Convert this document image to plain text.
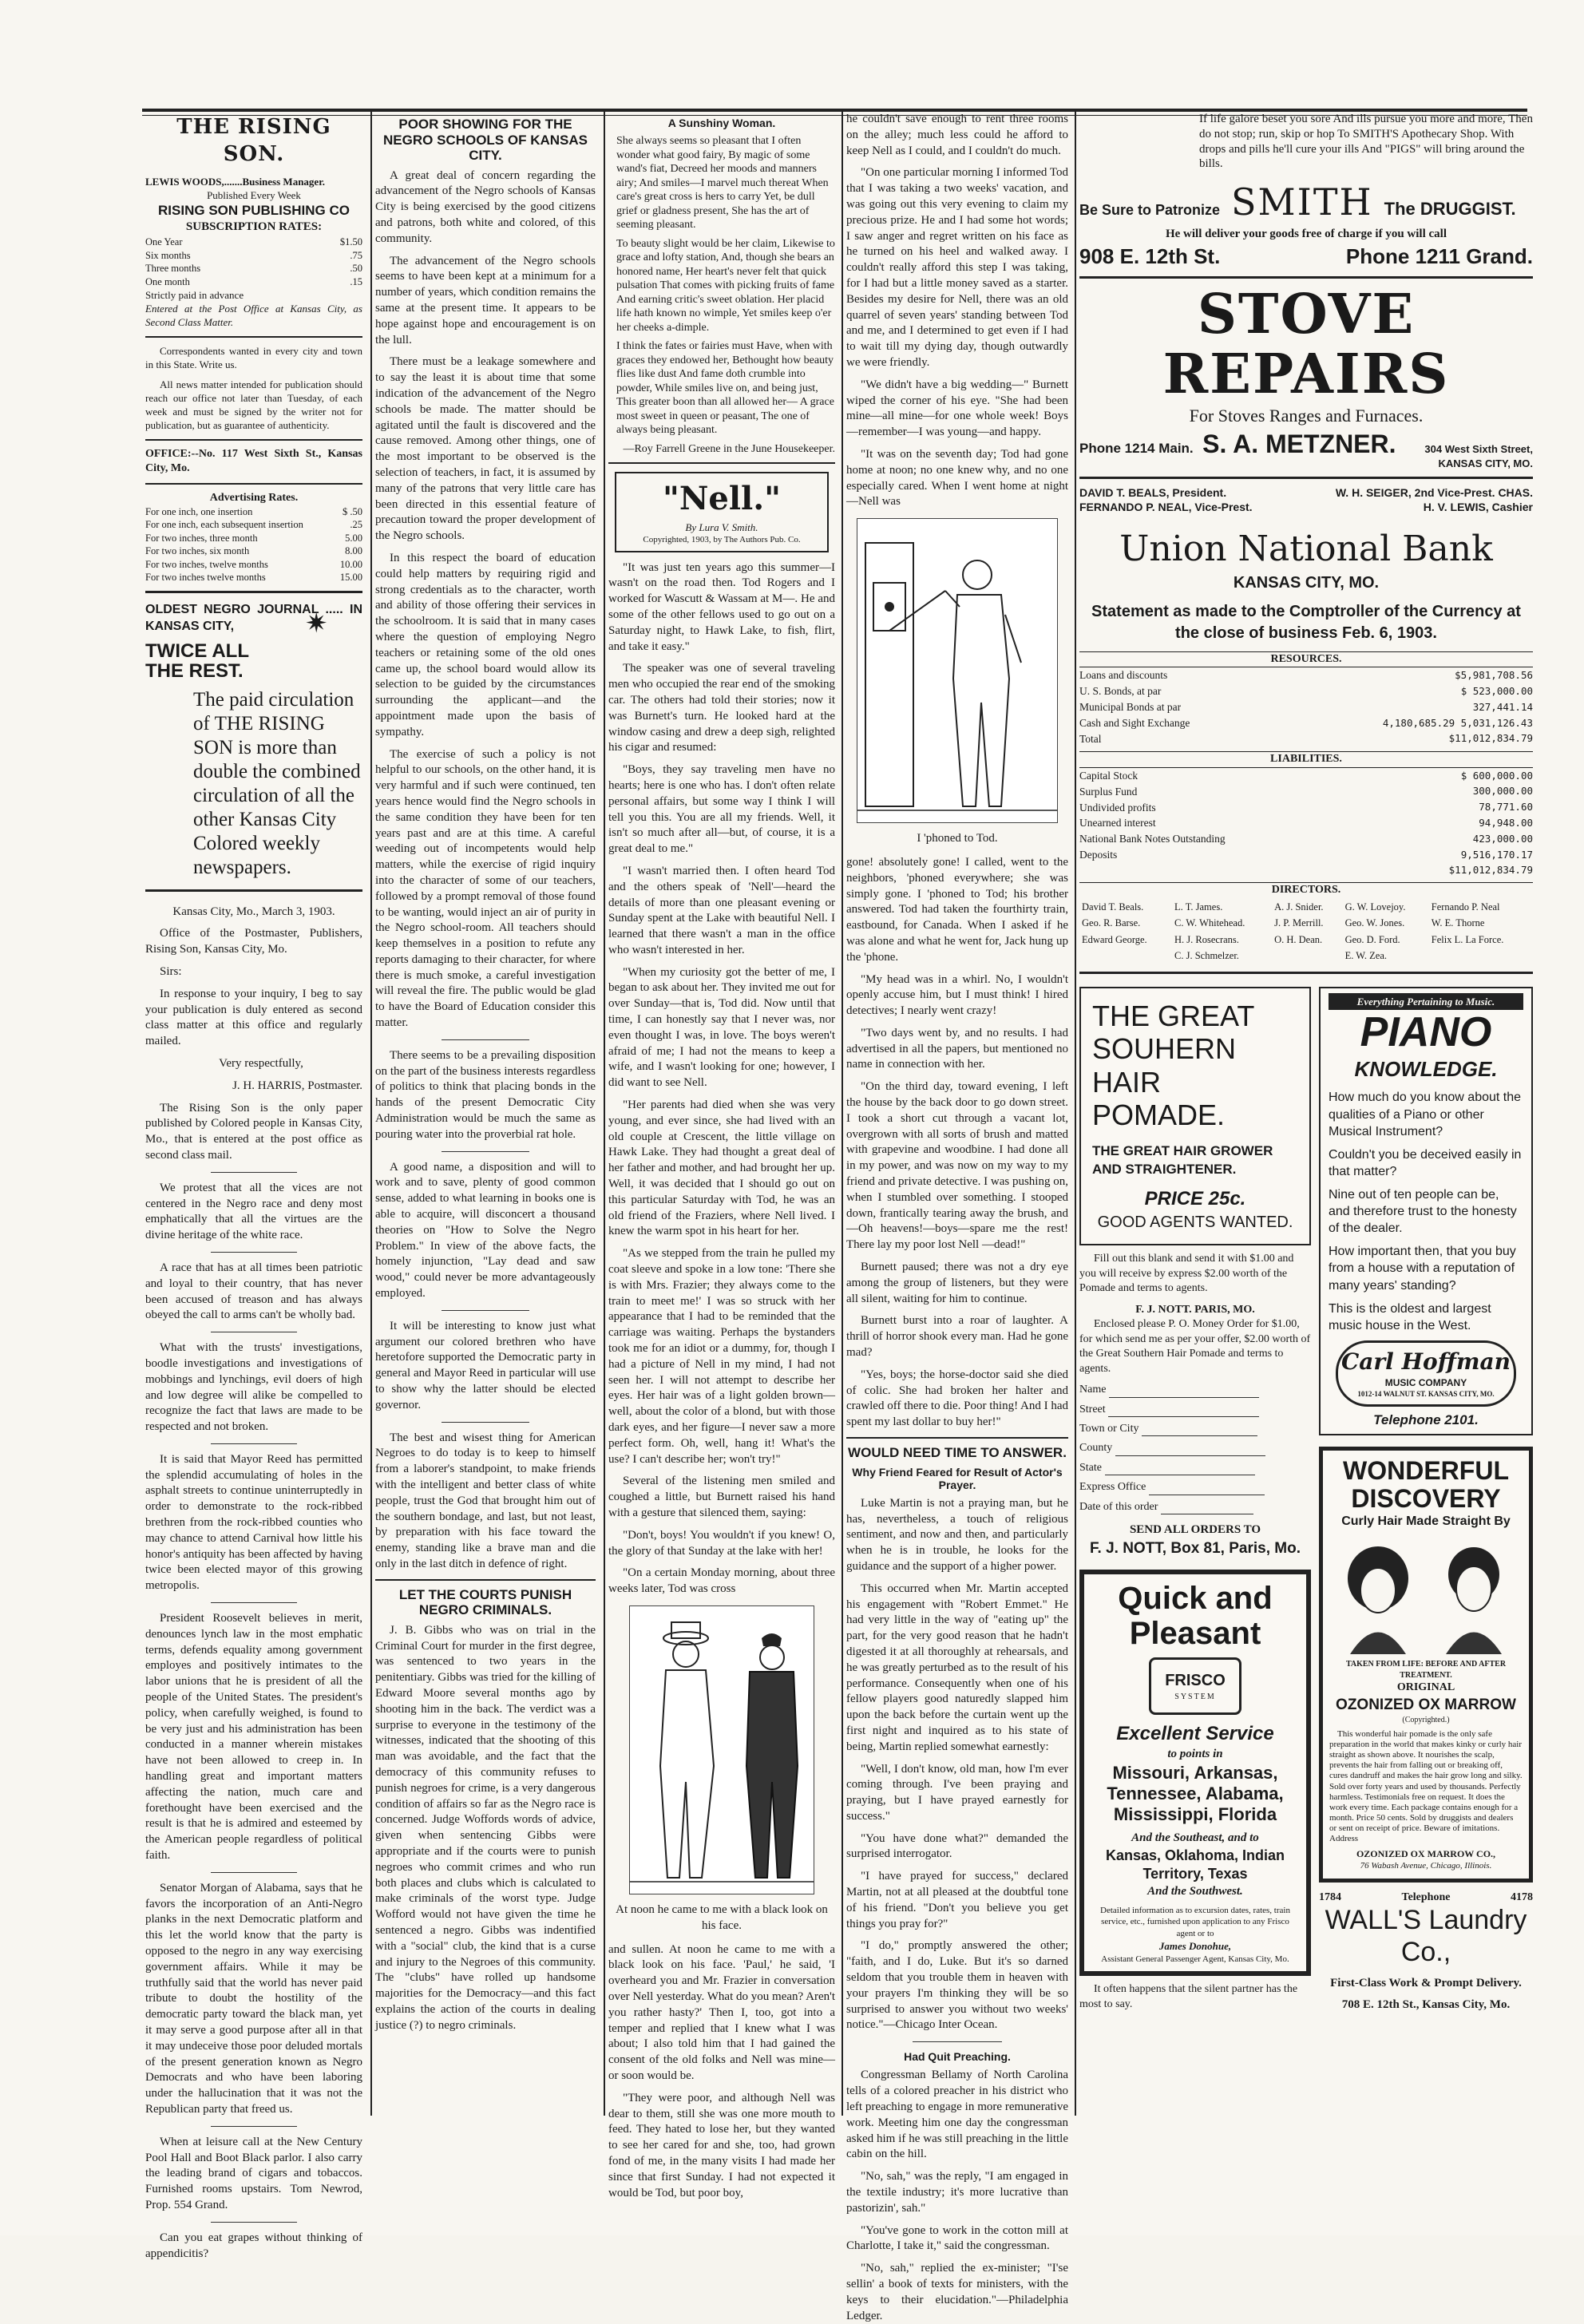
THE RISING SON.
LEWIS WOODS,.......Business Manager.
Published Every Week
RISING SON PUBLISHING CO
SUBSCRIPTION RATES:
One Year	$1.50
Six months	.75
Three months	.50
One month	.15
Strictly paid in advance
Entered at the Post Office at Kansas City, as Second Class Matter.

Correspondents wanted in every city and town in this State. Write us.

All news matter intended for publication should reach our office not later than Tuesday, of each week and must be signed by the writer not for publication, but as guarantee of authenticity.

OFFICE:--No. 117 West Sixth St., Kansas City, Mo.
Advertising Rates.
For one inch, one insertion	$ .50
For one inch, each subsequent insertion	.25
For two inches, three month	5.00
For two inches, six month	8.00
For two inches, twelve months	10.00
For two inches twelve months	15.00
OLDEST NEGRO JOURNAL ..... IN KANSAS CITY,
TWICE ALL THE REST.
✷
The paid circulation of THE RISING SON is more than double the combined circulation of all the other Kansas City Colored weekly newspapers.

Kansas City, Mo., March 3, 1903.

Office of the Postmaster, Publishers, Rising Son, Kansas City, Mo.

Sirs:

In response to your inquiry, I beg to say your publication is duly entered as second class matter at this office and regularly mailed.

Very respectfully,

J. H. HARRIS, Postmaster.

The Rising Son is the only paper published by Colored people in Kansas City, Mo., that is entered at the post office as second class mail.

We protest that all the vices are not centered in the Negro race and deny most emphatically that all the virtues are the divine heritage of the white race.

A race that has at all times been patriotic and loyal to their country, that has never been accused of treason and has always obeyed the call to arms can't be wholly bad.

What with the trusts' investigations, boodle investigations and investigations of mobbings and lynchings, evil doers of high and low degree will alike be compelled to recognize the fact that laws are made to be respected and not broken.

It is said that Mayor Reed has permitted the splendid accumulating of holes in the asphalt streets to continue uninterruptedly in order to demonstrate to the rock-ribbed brethren from the rock-ribbed counties who may chance to attend Carnival how little his honor's antiquity has been affected by having twice been elected mayor of this growing metropolis.

President Roosevelt believes in merit, denounces lynch law in the most emphatic terms, defends equality among government employes and positively intimates to the labor unions that he is president of all the people of the United States. The president's policy, when carefully weighed, is found to be very just and his administration has been conducted in a manner wherein mistakes have not been allowed to creep in. In handling great and important matters affecting the nation, much care and forethought have been exercised and the result is that he is admired and esteemed by the American people regardless of political faith.

Senator Morgan of Alabama, says that he favors the incorporation of an Anti-Negro planks in the next Democratic platform and this let the world know that the party is opposed to the negro in any way exercising government affairs. While it may be truthfully said that the world has never paid tribute to doubt the hostility of the democratic party toward the black man, yet it may serve a good purpose after all in that it may undeceive those poor deluded mortals of the present generation known as Negro Democrats and who have been laboring under the hallucination that it was not the Republican party that freed us.

When at leisure call at the New Century Pool Hall and Boot Black parlor. I also carry the leading brand of cigars and tobaccos. Furnished rooms upstairs. Tom Newrod, Prop. 554 Grand.

Can you eat grapes without thinking of appendicitis?

POOR SHOWING FOR THE NEGRO SCHOOLS OF KANSAS CITY.

A great deal of concern regarding the advancement of the Negro schools of Kansas City is being exercised by the good citizens and patrons, both white and colored, of this community.

The advancement of the Negro schools seems to have been kept at a minimum for a number of years, which condition remains the same at the present time. It appears to be hope against hope and encouragement is on the lull.

There must be a leakage somewhere and to say the least it is about time that some indication of the advancement of the Negro schools be made. The matter should be agitated until the fault is discovered and the cause removed. Among other things, one of the most important to be observed is the selection of teachers, in fact, it is assumed by many of the patrons that very little care has been directed in this essential feature of precaution toward the proper development of the Negro schools.

In this respect the board of education could help matters by requiring rigid and strong credentials as to the character, worth and ability of those offering their services in the schoolroom. It is said that in many cases where the question of employing Negro teachers or retaining some of the old ones came up, the school board would allow its selection to be guided by the circumstances surrounding the applicant—and the appointment made upon the basis of sympathy.

The exercise of such a policy is not helpful to our schools, on the other hand, it is very harmful and if such were continued, ten years hence would find the Negro schools in the same condition they have been for ten years past and are at this time. A careful weeding out of incompetents would help matters, while the exercise of rigid inquiry into the character of some of our teachers, followed by a prompt removal of those found to be wanting, would inject an air of purity in the Negro school-room. All teachers should keep themselves in a position to refute any reports damaging to their character, for where there is much smoke, a careful investigation will reveal the fire. The public would be glad to have the Board of Education consider this matter.

There seems to be a prevailing disposition on the part of the business interests regardless of politics to think that placing bonds in the hands of the present Democratic City Administration would be much the same as pouring water into the proverbial rat hole.

A good name, a disposition and will to work and to save, plenty of good common sense, added to what learning in books one is able to acquire, will disconcert a thousand theories on "How to Solve the Negro Problem." In view of the above facts, the homely injunction, "Lay dead and saw wood," could never be more advantageously employed.

It will be interesting to know just what argument our colored brethren who have heretofore supported the Democratic party in general and Mayor Reed in particular will use to show why the latter should be elected governor.

The best and wisest thing for American Negroes to do today is to keep to himself from a laborer's standpoint, to make friends with the intelligent and better class of white people, trust the God that brought him out of the southern bondage, and last, but not least, by preparation with his face toward the enemy, standing like a brave man and die only in the last ditch in defence of right.

LET THE COURTS PUNISH NEGRO CRIMINALS.

J. B. Gibbs who was on trial in the Criminal Court for murder in the first degree, was sentenced to two years in the penitentiary. Gibbs was tried for the killing of Edward Moore several months ago by shooting him in the back. The verdict was a surprise to everyone in the testimony of the witnesses, indicated that the shooting of this man was avoidable, and the fact that the democracy of this community refuses to punish negroes for crime, is a very dangerous condition of affairs so far as the Negro race is concerned. Judge Woffords words of advice, given when sentencing Gibbs were appropriate and if the courts were to punish negroes who commit crimes and who run both places and clubs which is calculated to make criminals of the worst type. Judge Wofford would not have given the time he sentenced a negro. Gibbs was indentified with a "social" club, the kind that is a curse and injury to the Negroes of this community. The "clubs" have rolled up handsome majorities for the Democracy—and this fact explains the action of the courts in dealing justice (?) to negro criminals.

A Sunshiny Woman.

She always seems so pleasant that I often wonder what good fairy, By magic of some wand's fiat, Decreed her moods and manners airy; And smiles—I marvel much thereat When care's great cross is hers to carry Yet, be dull grief or gladness present, She has the art of seeming pleasant.

To beauty slight would be her claim, Likewise to grace and lofty station, And, though she bears an honored name, Her heart's never felt that quick pulsation That comes with picking fruits of fame And earning critic's sweet oblation. Her placid life hath known no wimple, Yet smiles keep o'er her cheeks a-dimple.

I think the fates or fairies must Have, when with graces they endowed her, Bethought how beauty flies like dust And fame doth crumble into powder, While smiles live on, and being just, This greater boon than all allowed her— A grace most sweet in queen or peasant, The one of always being pleasant.

—Roy Farrell Greene in the June Housekeeper.

"Nell."
By Lura V. Smith.
Copyrighted, 1903, by The Authors Pub. Co.

"It was just ten years ago this summer—I wasn't on the road then. Tod Rogers and I worked for Wascutt & Wassam at M—. He and some of the other fellows used to go out on a Saturday night, to Hawk Lake, to fish, flirt, and take it easy."

The speaker was one of several traveling men who occupied the rear end of the smoking car. The others had told their stories; now it was Burnett's turn. He looked hard at the window casing and drew a deep sigh, relighted his cigar and resumed:

"Boys, they say traveling men have no hearts; here is one who has. I don't often relate personal affairs, but some way I think I will tell you this. You are all my friends. Well, it isn't so much after all—but, of course, it is a great deal to me."

"I wasn't married then. I often heard Tod and the others speak of 'Nell'—heard the details of more than one pleasant evening or Sunday spent at the Lake with beautiful Nell. I learned that there wasn't a man in the office who wasn't interested in her.

"When my curiosity got the better of me, I began to ask about her. They invited me out for over Sunday—that is, Tod did. Now until that time, I can honestly say that I never was, nor even thought I was, in love. The boys weren't afraid of me; I had not the means to keep a wife, and I wasn't looking for one; however, I did want to see Nell.

"Her parents had died when she was very young, and ever since, she had lived with an old couple at Crescent, the little village on Hawk Lake. They had thought a great deal of her father and mother, and had brought her up. Well, it was decided that I should go out on this particular Saturday with Tod, he was an old friend of the Fraziers, where Nell lived. I knew the warm spot in his heart for her.

"As we stepped from the train he pulled my coat sleeve and spoke in a low tone: 'There she is with Mrs. Frazier; they always come to the train to meet me!' I was so struck with her appearance that I had to be reminded that the carriage was waiting. Perhaps the bystanders took me for an idiot or a dummy, for, though I had a picture of Nell in my mind, I had not seen her. I will not attempt to describe her eyes. Her hair was of a light golden brown—well, about the color of a blond, but with those dark eyes, and her figure—I never saw a more perfect form. Oh, well, hang it! What's the use? I can't describe her; won't try!"

Several of the listening men smiled and coughed a little, but Burnett raised his hand with a gesture that silenced them, saying:

"Don't, boys! You wouldn't if you knew! O, the glory of that Sunday at the lake with her!

"On a certain Monday morning, about three weeks later, Tod was cross

At noon he came to me with a black look on his face.

and sullen. At noon he came to me with a black look on his face. 'Paul,' he said, 'I overheard you and Mr. Frazier in conversation over Nell yesterday. What do you mean? Aren't you rather hasty?' Then I, too, got into a temper and replied that I knew what I was about; I also told him that I had gained the consent of the old folks and Nell was mine—or soon would be.

"They were poor, and although Nell was dear to them, still she was one more mouth to feed. They hated to lose her, but they wanted to see her cared for and she, too, had grown fond of me, in the many visits I had made her since that first Sunday. I had not expected it would be Tod, but poor boy,

he couldn't save enough to rent three rooms on the alley; much less could he afford to keep Nell as I could, and I couldn't do much.

"On one particular morning I informed Tod that I was taking a two weeks' vacation, and was going out this very evening to claim my precious prize. He and I had some hot words; I saw anger and regret written on his face as he turned on his heel and walked away. I couldn't really afford this step I was taking, for I had but a little money saved as a starter. Besides my desire for Nell, there was an old quarrel of seven years' standing between Tod and me, and I determined to get even if I had to wait till my dying day, though outwardly we were friendly.

"We didn't have a big wedding—" Burnett wiped the corner of his eye. "She had been mine—all mine—for one whole week! Boys—remember—I was young—and happy.

"It was on the seventh day; Tod had gone home at noon; no one knew why, and no one especially cared. When I went home at night—Nell was

I 'phoned to Tod.

gone! absolutely gone! I called, went to the neighbors, 'phoned everywhere; she was simply gone. I 'phoned to Tod; his brother answered. Tod had taken the fourthirty train, eastbound, for Canada. When I asked if he was alone and what he went for, Jack hung up the 'phone.

"My head was in a whirl. No, I wouldn't openly accuse him, but I must think! I hired detectives; I nearly went crazy!

"Two days went by, and no results. I had advertised in all the papers, but mentioned no name in connection with her.

"On the third day, toward evening, I left the house by the back door to go down street. I took a short cut through a vacant lot, overgrown with all sorts of brush and matted with grapevine and woodbine. I had done all in my power, and was now on my way to my friend and private detective. I was pushing on, when I stumbled over something. I stooped down, frantically tearing away the brush, and—Oh heavens!—boys—spare me the rest! There lay my poor lost Nell —dead!"

Burnett paused; there was not a dry eye among the group of listeners, but they were all silent, waiting for him to continue.

Burnett burst into a roar of laughter. A thrill of horror shook every man. Had he gone mad?

"Yes, boys; the horse-doctor said she died of colic. She had broken her halter and crawled off there to die. Poor thing! And I had spent my last dollar to buy her!"

WOULD NEED TIME TO ANSWER.
Why Friend Feared for Result of Actor's Prayer.

Luke Martin is not a praying man, but he has, nevertheless, a touch of religious sentiment, and now and then, and particularly when he is in trouble, he looks for the guidance and the support of a higher power.

This occurred when Mr. Martin accepted his engagement with "Robert Emmet." He had very little in the way of "eating up" the part, for the very good reason that he hadn't digested it at all thoroughly at rehearsals, and he was greatly perturbed as to the result of his performance. Consequently when one of his fellow players good naturedly slapped him upon the back before the curtain went up the first night and inquired as to his state of being, Martin replied somewhat earnestly:

"Well, I don't know, old man, how I'm ever coming through. I've been praying and praying, but I have prayed earnestly for success."

"You have done what?" demanded the surprised interrogator.

"I have prayed for success," declared Martin, not at all pleased at the doubtful tone of his friend. "Don't you believe you get things you pray for?"

"I do," promptly answered the other; "faith, and I do, Luke. But it's so darned seldom that you trouble them in heaven with your prayers I'm thinking they will be so surprised to answer you without two weeks' notice."—Chicago Inter Ocean.

Had Quit Preaching.

Congressman Bellamy of North Carolina tells of a colored preacher in his district who left preaching to engage in more remunerative work. Meeting him one day the congressman asked him if he was still preaching in the little cabin on the hill.

"No, sah," was the reply, "I am engaged in the textile industry; it's more lucrative than pastorizin', sah."

"You've gone to work in the cotton mill at Charlotte, I take it," said the congressman.

"No, sah," replied the ex-minister; "I'se sellin' a book of texts for ministers, with the keys to their elucidation."—Philadelphia Ledger.

If life galore beset you sore And ills pursue you more and more, Then do not stop; run, skip or hop To SMITH'S Apothecary Shop. With drops and pills he'll cure your ills And "PIGS" will bring around the bills.
Be Sure to Patronize SMITH The DRUGGIST.
He will deliver your goods free of charge if you will call
908 E. 12th St.	Phone 1211 Grand.
STOVE REPAIRS
For Stoves Ranges and Furnaces.
Phone 1214 Main. S. A. METZNER.	304 West Sixth Street, KANSAS CITY, MO.
DAVID T. BEALS, President. FERNANDO P. NEAL, Vice-Prest.
W. H. SEIGER, 2nd Vice-Prest. CHAS. H. V. LEWIS, Cashier
Union National Bank
KANSAS CITY, MO.
Statement as made to the Comptroller of the Currency at the close of business Feb. 6, 1903.
RESOURCES.
Loans and discounts	$5,981,708.56
U. S. Bonds, at par	$ 523,000.00
Municipal Bonds at par	327,441.14
Cash and Sight Exchange	4,180,685.29 5,031,126.43
Total	$11,012,834.79
LIABILITIES.
Capital Stock	$ 600,000.00
Surplus Fund	300,000.00
Undivided profits	78,771.60
Unearned interest	94,948.00
National Bank Notes Outstanding	423,000.00
Deposits	9,516,170.17
	$11,012,834.79
DIRECTORS.
David T. Beals.	L. T. James.	A. J. Snider.	G. W. Lovejoy.	Fernando P. Neal
Geo. R. Barse.	C. W. Whitehead.	J. P. Merrill.	Geo. W. Jones.	W. E. Thorne
Edward George.	H. J. Rosecrans.	O. H. Dean.	Geo. D. Ford.	Felix L. La Force.
	C. J. Schmelzer.		E. W. Zea.	
THE GREAT SOUHERN HAIR POMADE.
THE GREAT HAIR GROWER AND STRAIGHTENER.
PRICE 25c.
GOOD AGENTS WANTED.

Fill out this blank and send it with $1.00 and you will receive by express $2.00 worth of the Pomade and terms to agents.

F. J. NOTT. PARIS, MO.

Enclosed please P. O. Money Order for $1.00, for which send me as per your offer, $2.00 worth of the Great Southern Hair Pomade and terms to agents.

Name
Street
Town or City
County
State
Express Office
Date of this order
SEND ALL ORDERS TO
F. J. NOTT, Box 81, Paris, Mo.
Quick and Pleasant
FRISCO
SYSTEM
Excellent Service
to points in
Missouri, Arkansas, Tennessee, Alabama, Mississippi, Florida
And the Southeast, and to
Kansas, Oklahoma, Indian Territory, Texas
And the Southwest.
Detailed information as to excursion dates, rates, train service, etc., furnished upon application to any Frisco agent or to
James Donohue,
Assistant General Passenger Agent, Kansas City, Mo.

It often happens that the silent partner has the most to say.

Everything Pertaining to Music.
PIANO
KNOWLEDGE.

How much do you know about the qualities of a Piano or other Musical Instrument?

Couldn't you be deceived easily in that matter?

Nine out of ten people can be, and therefore trust to the honesty of the dealer.

How important then, that you buy from a house with a reputation of many years' standing?

This is the oldest and largest music house in the West.

Carl Hoffman
MUSIC COMPANY
1012-14 WALNUT ST. KANSAS CITY, MO.
Telephone 2101.
WONDERFUL DISCOVERY
Curly Hair Made Straight By
TAKEN FROM LIFE: BEFORE AND AFTER TREATMENT.
ORIGINAL
OZONIZED OX MARROW
(Copyrighted.)

This wonderful hair pomade is the only safe preparation in the world that makes kinky or curly hair straight as shown above. It nourishes the scalp, prevents the hair from falling out or breaking off, cures dandruff and makes the hair grow long and silky. Sold over forty years and used by thousands. Perfectly harmless. Testimonials free on request. It does the work every time. Each package contains enough for a month. Price 50 cents. Sold by druggists and dealers or sent on receipt of price. Beware of imitations. Address

OZONIZED OX MARROW CO.,
76 Wabash Avenue, Chicago, Illinois.
1784	Telephone	4178
WALL'S Laundry Co.,
First-Class Work & Prompt Delivery.
708 E. 12th St., Kansas City, Mo.
